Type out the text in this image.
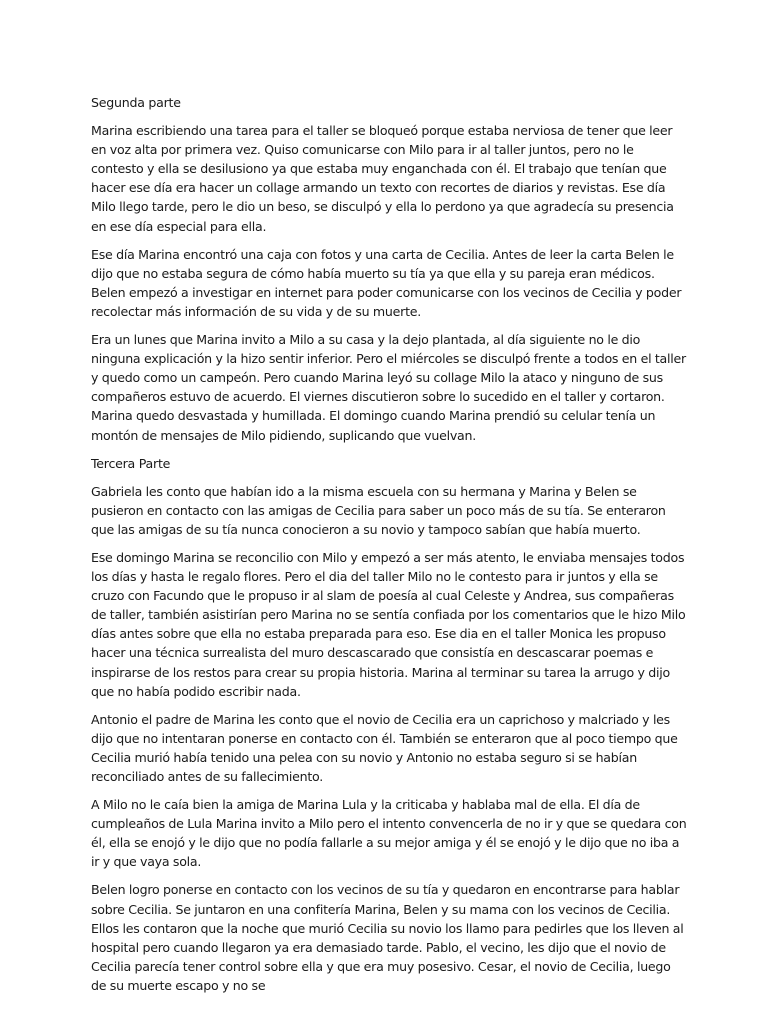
Segunda parte

Marina escribiendo una tarea para el taller se bloqueó porque estaba nerviosa de tener que leer en voz alta por primera vez. Quiso comunicarse con Milo para ir al taller juntos, pero no le contesto y ella se desilusiono ya que estaba muy enganchada con él. El trabajo que tenían que hacer ese día era hacer un collage armando un texto con recortes de diarios y revistas. Ese día Milo llego tarde, pero le dio un beso, se disculpó y ella lo perdono ya que agradecía su presencia en ese día especial para ella.

Ese día Marina encontró una caja con fotos y una carta de Cecilia. Antes de leer la carta Belen le dijo que no estaba segura de cómo había muerto su tía ya que ella y su pareja eran médicos. Belen empezó a investigar en internet para poder comunicarse con los vecinos de Cecilia y poder recolectar más información de su vida y de su muerte.

Era un lunes que Marina invito a Milo a su casa y la dejo plantada, al día siguiente no le dio ninguna explicación y la hizo sentir inferior. Pero el miércoles se disculpó frente a todos en el taller y quedo como un campeón. Pero cuando Marina leyó su collage Milo la ataco y ninguno de sus compañeros estuvo de acuerdo. El viernes discutieron sobre lo sucedido en el taller y cortaron. Marina quedo desvastada y humillada. El domingo cuando Marina prendió su celular tenía un montón de mensajes de Milo pidiendo, suplicando que vuelvan.

Tercera Parte

Gabriela les conto que habían ido a la misma escuela con su hermana y Marina y Belen se pusieron en contacto con las amigas de Cecilia para saber un poco más de su tía. Se enteraron que las amigas de su tía nunca conocieron a su novio y tampoco sabían que había muerto.

Ese domingo Marina se reconcilio con Milo y empezó a ser más atento, le enviaba mensajes todos los días y hasta le regalo flores. Pero el dia del taller Milo no le contesto para ir juntos y ella se cruzo con Facundo que le propuso ir al slam de poesía al cual Celeste y Andrea, sus compañeras de taller, también asistirían pero Marina no se sentía confiada por los comentarios que le hizo Milo días antes sobre que ella no estaba preparada para eso. Ese dia en el taller Monica les propuso hacer una técnica surrealista del muro descascarado que consistía en descascarar poemas e inspirarse de los restos para crear su propia historia. Marina al terminar su tarea la arrugo y dijo que no había podido escribir nada.

Antonio el padre de Marina les conto que el novio de Cecilia era un caprichoso y malcriado y les dijo que no intentaran ponerse en contacto con él. También se enteraron que al poco tiempo que Cecilia murió había tenido una pelea con su novio y Antonio no estaba seguro si se habían reconciliado antes de su fallecimiento.

A Milo no le caía bien la amiga de Marina Lula y la criticaba y hablaba mal de ella. El día de cumpleaños de Lula Marina invito a Milo pero el intento convencerla de no ir y que se quedara con él, ella se enojó y le dijo que no podía fallarle a su mejor amiga y él se enojó y le dijo que no iba a ir y que vaya sola.

Belen logro ponerse en contacto con los vecinos de su tía y quedaron en encontrarse para hablar sobre Cecilia. Se juntaron en una confitería Marina, Belen y su mama con los vecinos de Cecilia. Ellos les contaron que la noche que murió Cecilia su novio los llamo para pedirles que los lleven al hospital pero cuando llegaron ya era demasiado tarde. Pablo, el vecino, les dijo que el novio de Cecilia parecía tener control sobre ella y que era muy posesivo. Cesar, el novio de Cecilia, luego de su muerte escapo y no se
